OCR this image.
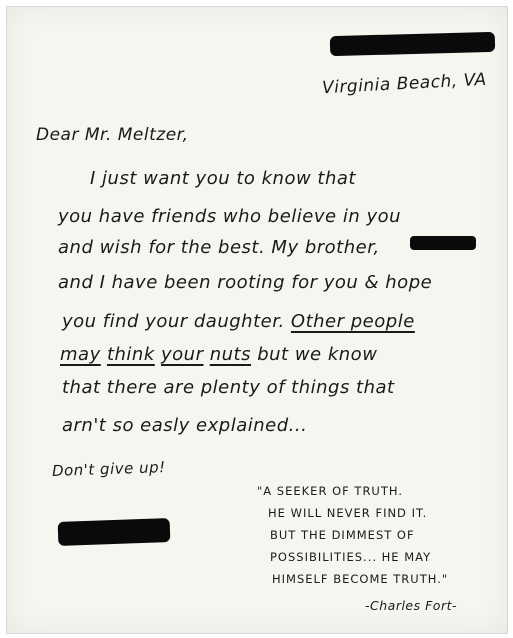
Virginia Beach, VA
Dear Mr. Meltzer,
I just want you to know that
you have friends who believe in you
and wish for the best. My brother,
and I have been rooting for you & hope
you find your daughter. Other people
may think your nuts but we know
that there are plenty of things that
arn't so easly explained...
Don't give up!
"A SEEKER OF TRUTH.
HE WILL NEVER FIND IT.
BUT THE DIMMEST OF
POSSIBILITIES... HE MAY
HIMSELF BECOME TRUTH."
-Charles Fort-
